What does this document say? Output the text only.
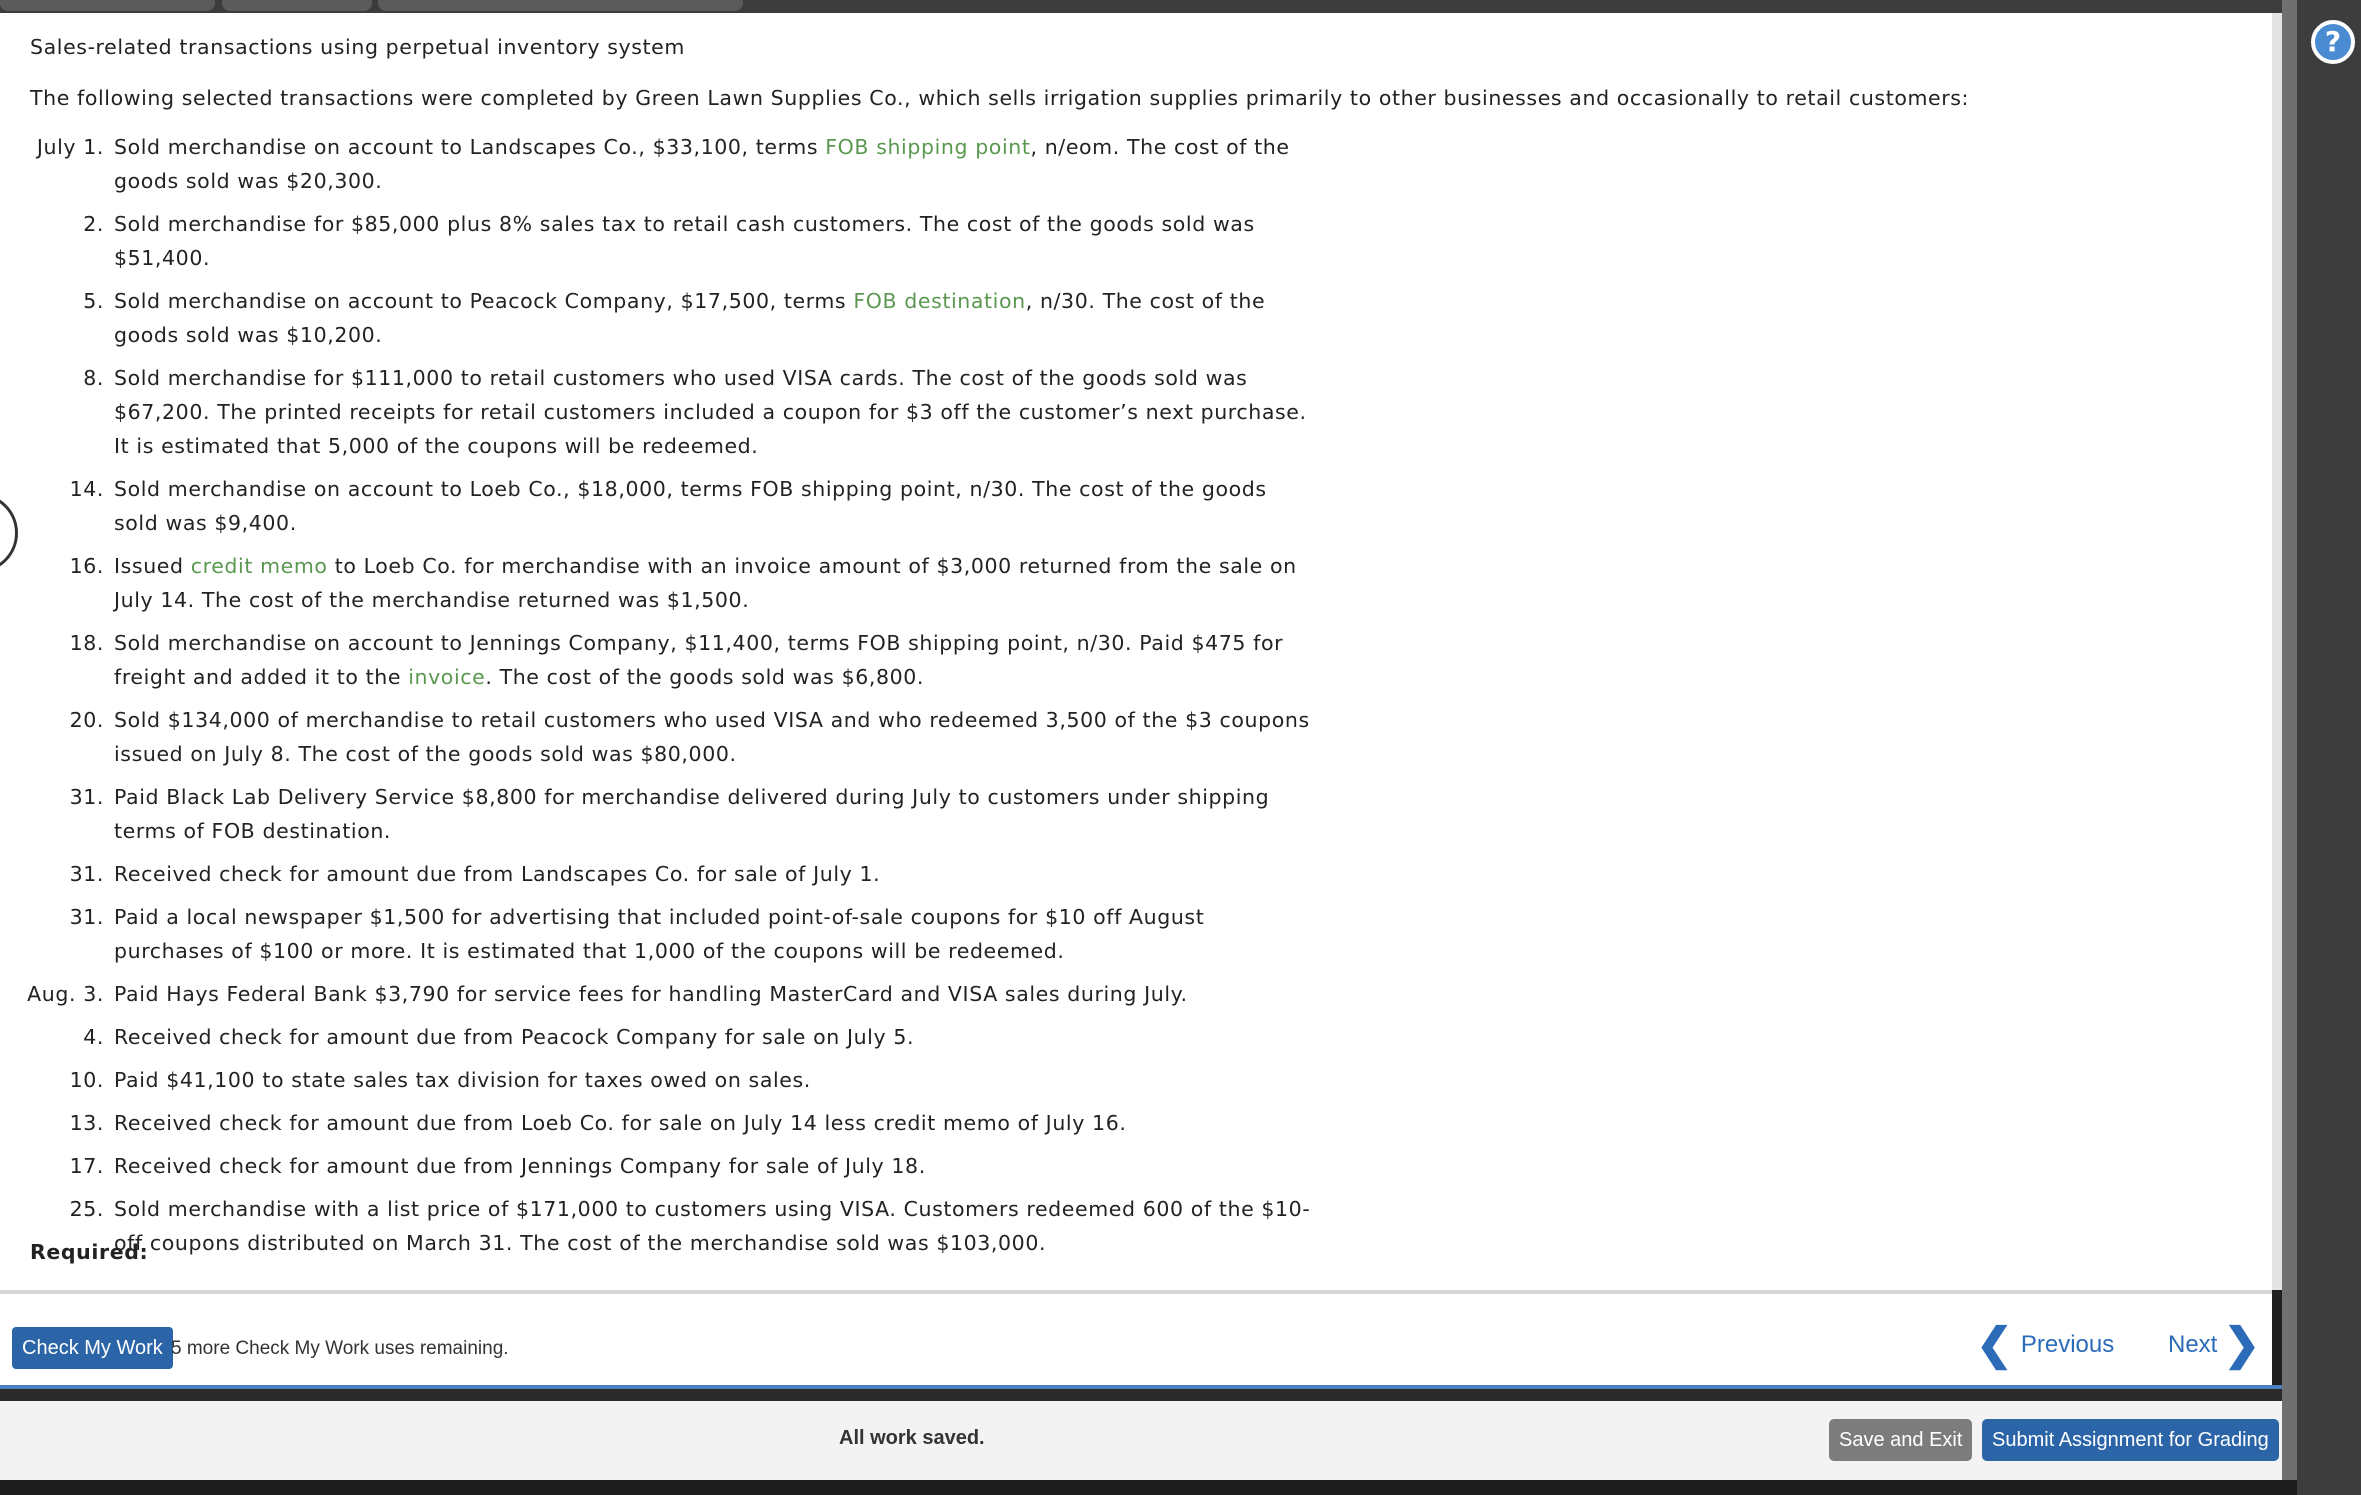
Sales-related transactions using perpetual inventory system

The following selected transactions were completed by Green Lawn Supplies Co., which sells irrigation supplies primarily to other businesses and occasionally to retail customers:

July 1. Sold merchandise on account to Landscapes Co., $33,100, terms FOB shipping point, n/eom. The cost of the goods sold was $20,300.
2. Sold merchandise for $85,000 plus 8% sales tax to retail cash customers. The cost of the goods sold was $51,400.
5. Sold merchandise on account to Peacock Company, $17,500, terms FOB destination, n/30. The cost of the goods sold was $10,200.
8. Sold merchandise for $111,000 to retail customers who used VISA cards. The cost of the goods sold was $67,200. The printed receipts for retail customers included a coupon for $3 off the customer’s next purchase. It is estimated that 5,000 of the coupons will be redeemed.
14. Sold merchandise on account to Loeb Co., $18,000, terms FOB shipping point, n/30. The cost of the goods sold was $9,400.
16. Issued credit memo to Loeb Co. for merchandise with an invoice amount of $3,000 returned from the sale on July 14. The cost of the merchandise returned was $1,500.
18. Sold merchandise on account to Jennings Company, $11,400, terms FOB shipping point, n/30. Paid $475 for freight and added it to the invoice. The cost of the goods sold was $6,800.
20. Sold $134,000 of merchandise to retail customers who used VISA and who redeemed 3,500 of the $3 coupons issued on July 8. The cost of the goods sold was $80,000.
31. Paid Black Lab Delivery Service $8,800 for merchandise delivered during July to customers under shipping terms of FOB destination.
31. Received check for amount due from Landscapes Co. for sale of July 1.
31. Paid a local newspaper $1,500 for advertising that included point-of-sale coupons for $10 off August purchases of $100 or more. It is estimated that 1,000 of the coupons will be redeemed.
Aug. 3. Paid Hays Federal Bank $3,790 for service fees for handling MasterCard and VISA sales during July.
4. Received check for amount due from Peacock Company for sale on July 5.
10. Paid $41,100 to state sales tax division for taxes owed on sales.
13. Received check for amount due from Loeb Co. for sale on July 14 less credit memo of July 16.
17. Received check for amount due from Jennings Company for sale of July 18.
25. Sold merchandise with a list price of $171,000 to customers using VISA. Customers redeemed 600 of the $10-off coupons distributed on March 31. The cost of the merchandise sold was $103,000.

Required:

Check My Work 5 more Check My Work uses remaining.	❮ Previous Next ❯
All work saved.	Save and Exit	Submit Assignment for Grading
?
